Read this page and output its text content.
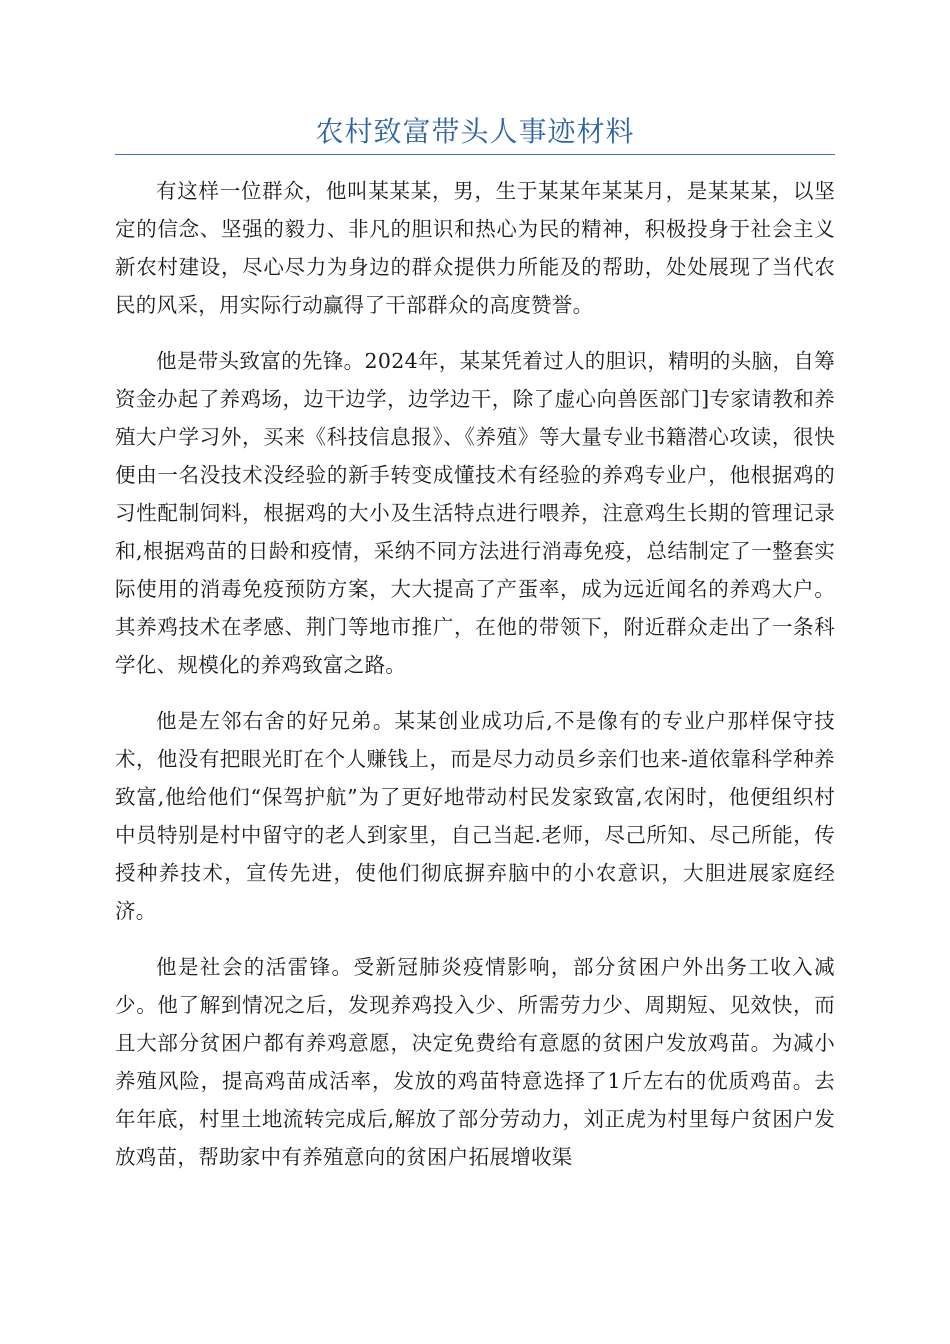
农村致富带头人事迹材料

有这样一位群众，他叫某某某，男，生于某某年某某月，是某某某，以坚定的信念、坚强的毅力、非凡的胆识和热心为民的精神，积极投身于社会主义新农村建设，尽心尽力为身边的群众提供力所能及的帮助，处处展现了当代农民的风采，用实际行动赢得了干部群众的高度赞誉。

他是带头致富的先锋。2024年，某某凭着过人的胆识，精明的头脑，自筹资金办起了养鸡场，边干边学，边学边干，除了虚心向兽医部门]专家请教和养殖大户学习外，买来《科技信息报》、《养殖》等大量专业书籍潜心攻读，很快便由一名没技术没经验的新手转变成懂技术有经验的养鸡专业户，他根据鸡的习性配制饲料，根据鸡的大小及生活特点进行喂养，注意鸡生长期的管理记录和,根据鸡苗的日龄和疫情，采纳不同方法进行消毒免疫，总结制定了一整套实际使用的消毒免疫预防方案，大大提高了产蛋率，成为远近闻名的养鸡大户。其养鸡技术在孝感、荆门等地市推广，在他的带领下，附近群众走出了一条科学化、规模化的养鸡致富之路。

他是左邻右舍的好兄弟。某某创业成功后,不是像有的专业户那样保守技术，他没有把眼光盯在个人赚钱上，而是尽力动员乡亲们也来-道依靠科学种养致富,他给他们“保驾护航”为了更好地带动村民发家致富,农闲时，他便组织村中员特别是村中留守的老人到家里，自己当起.老师，尽己所知、尽己所能，传授种养技术，宣传先进，使他们彻底摒弃脑中的小农意识，大胆进展家庭经济。

他是社会的活雷锋。受新冠肺炎疫情影响，部分贫困户外出务工收入减少。他了解到情况之后，发现养鸡投入少、所需劳力少、周期短、见效快，而且大部分贫困户都有养鸡意愿，决定免费给有意愿的贫困户发放鸡苗。为减小养殖风险，提高鸡苗成活率，发放的鸡苗特意选择了1斤左右的优质鸡苗。去年年底，村里土地流转完成后,解放了部分劳动力，刘正虎为村里每户贫困户发放鸡苗，帮助家中有养殖意向的贫困户拓展增收渠
